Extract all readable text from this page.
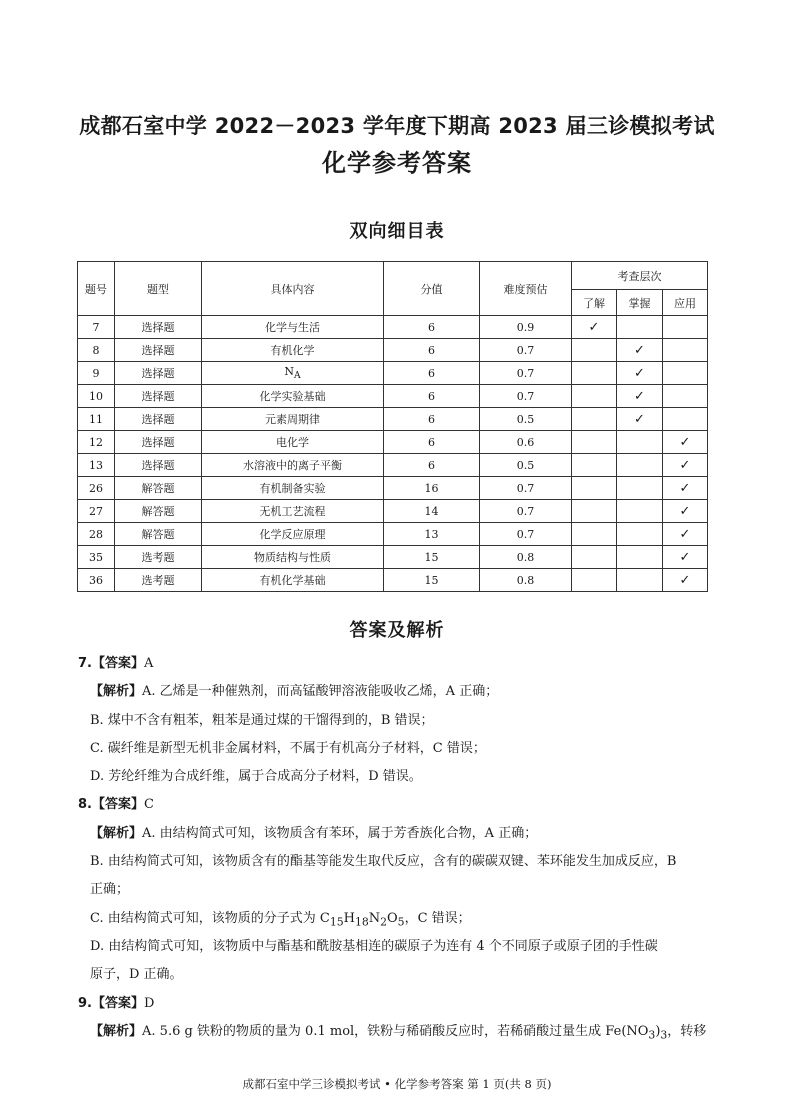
成都石室中学 2022－2023 学年度下期高 2023 届三诊模拟考试
化学参考答案
双向细目表
题号	题型	具体内容	分值	难度预估	考查层次		
					了解	掌握	应用
7	选择题	化学与生活	6	0.9	✓		
8	选择题	有机化学	6	0.7		✓	
9	选择题	$N_A$	6	0.7		✓	
10	选择题	化学实验基础	6	0.7		✓	
11	选择题	元素周期律	6	0.5		✓	
12	选择题	电化学	6	0.6			✓
13	选择题	水溶液中的离子平衡	6	0.5			✓
26	解答题	有机制备实验	16	0.7			✓
27	解答题	无机工艺流程	14	0.7			✓
28	解答题	化学反应原理	13	0.7			✓
35	选考题	物质结构与性质	15	0.8			✓
36	选考题	有机化学基础	15	0.8			✓
答案及解析
7.【答案】A
【解析】A. 乙烯是一种催熟剂，而高锰酸钾溶液能吸收乙烯，A 正确；
B. 煤中不含有粗苯，粗苯是通过煤的干馏得到的，B 错误；
C. 碳纤维是新型无机非金属材料，不属于有机高分子材料，C 错误；
D. 芳纶纤维为合成纤维，属于合成高分子材料，D 错误。
8.【答案】C
【解析】A. 由结构简式可知，该物质含有苯环，属于芳香族化合物，A 正确；
B. 由结构简式可知，该物质含有的酯基等能发生取代反应，含有的碳碳双键、苯环能发生加成反应，B
正确；
C. 由结构简式可知，该物质的分子式为 $C_{15}H_{18}N_2O_5$，C 错误；
D. 由结构简式可知，该物质中与酯基和酰胺基相连的碳原子为连有 4 个不同原子或原子团的手性碳
原子，D 正确。
9.【答案】D
【解析】A. 5.6 g 铁粉的物质的量为 0.1 mol，铁粉与稀硝酸反应时，若稀硝酸过量生成 $Fe(NO_3)_3$，转移
成都石室中学三诊模拟考试 • 化学参考答案 第 1 页(共 8 页)
